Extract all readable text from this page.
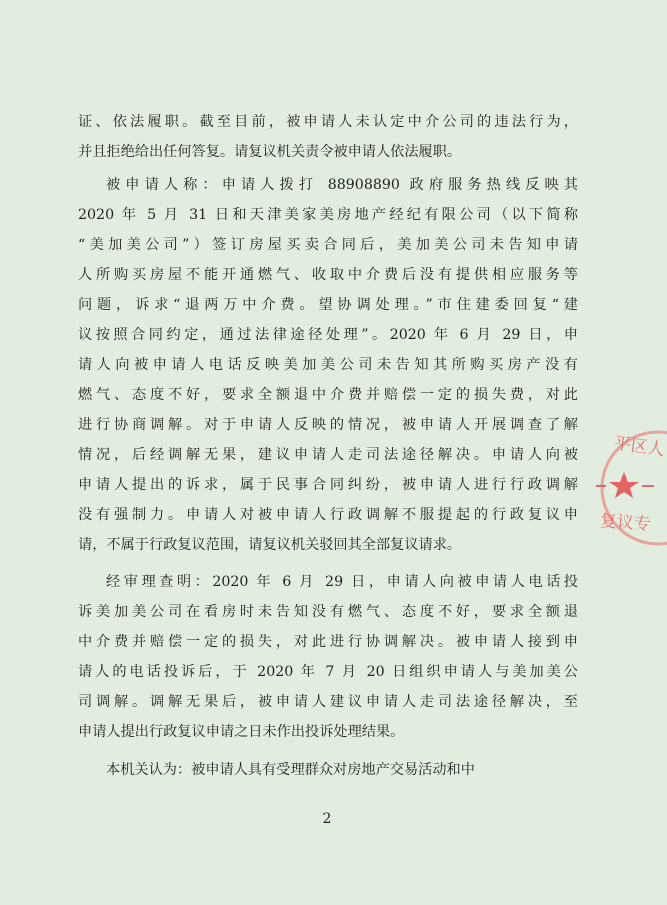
证、依法履职。截至目前，被申请人未认定中介公司的违法行为，
并且拒绝给出任何答复。请复议机关责令被申请人依法履职。
被申请人称：申请人拨打 88908890 政府服务热线反映其
2020 年 5 月 31 日和天津美家美房地产经纪有限公司（以下简称
“美加美公司”）签订房屋买卖合同后，美加美公司未告知申请
人所购买房屋不能开通燃气、收取中介费后没有提供相应服务等
问题，诉求“退两万中介费。望协调处理。”市住建委回复“建
议按照合同约定，通过法律途径处理”。2020 年 6 月 29 日，申
请人向被申请人电话反映美加美公司未告知其所购买房产没有
燃气、态度不好，要求全额退中介费并赔偿一定的损失费，对此
进行协商调解。对于申请人反映的情况，被申请人开展调查了解
情况，后经调解无果，建议申请人走司法途径解决。申请人向被
申请人提出的诉求，属于民事合同纠纷，被申请人进行行政调解
没有强制力。申请人对被申请人行政调解不服提起的行政复议申
请，不属于行政复议范围，请复议机关驳回其全部复议请求。
经审理查明：2020 年 6 月 29 日，申请人向被申请人电话投
诉美加美公司在看房时未告知没有燃气、态度不好，要求全额退
中介费并赔偿一定的损失，对此进行协调解决。被申请人接到申
请人的电话投诉后，于 2020 年 7 月 20 日组织申请人与美加美公
司调解。调解无果后，被申请人建议申请人走司法途径解决，至
申请人提出行政复议申请之日未作出投诉处理结果。
本机关认为：被申请人具有受理群众对房地产交易活动和中
2
平区人
复议专
